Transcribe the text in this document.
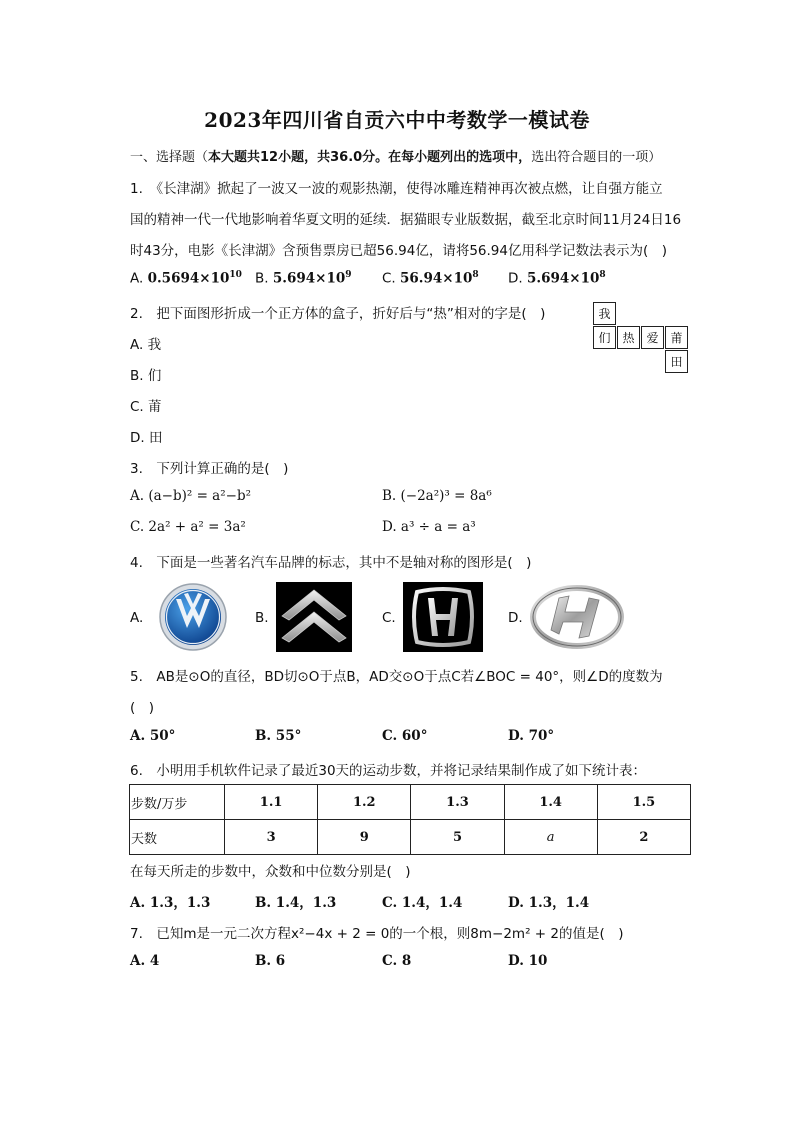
2023年四川省自贡六中中考数学一模试卷
一、选择题（本大题共12小题，共36.0分。在每小题列出的选项中，选出符合题目的一项）
1.　《长津湖》掀起了一波又一波的观影热潮，使得冰雕连精神再次被点燃，让自强方能立
国的精神一代一代地影响着华夏文明的延续．据猫眼专业版数据，截至北京时间11月24日16
时43分，电影《长津湖》含预售票房已超56.94亿，请将56.94亿用科学记数法表示为(　)
A. $0.5694\times 10^{10}$ B. $5.694\times 10^9$ C. $56.94\times 10^8$ D. $5.694\times 10^8$
2.　把下面图形折成一个正方体的盒子，折好后与“热”相对的字是(　)
A. 我
B. 们
C. 莆
D. 田
我
们 热 爱 莆
田
3.　下列计算正确的是(　)
A. (a−b)² = a²−b²	B. (−2a²)³ = 8a⁶
C. 2a² + a² = 3a²	D. a³ ÷ a = a³
4.　下面是一些著名汽车品牌的标志，其中不是轴对称的图形是(　)
A.	B.	C.	D.
5.　AB是⊙O的直径，BD切⊙O于点B，AD交⊙O于点C若∠BOC = 40°，则∠D的度数为
(　)
A. 50°	B. 55°	C. 60°	D. 70°
6.　小明用手机软件记录了最近30天的运动步数，并将记录结果制作成了如下统计表：
步数/万步	1.1	1.2	1.3	1.4	1.5
天数	3	9	5	a	2
在每天所走的步数中，众数和中位数分别是(　)
A. 1.3，1.3	B. 1.4，1.3	C. 1.4，1.4	D. 1.3，1.4
7.　已知m是一元二次方程x²−4x + 2 = 0的一个根，则8m−2m² + 2的值是(　)
A. 4	B. 6	C. 8	D. 10
